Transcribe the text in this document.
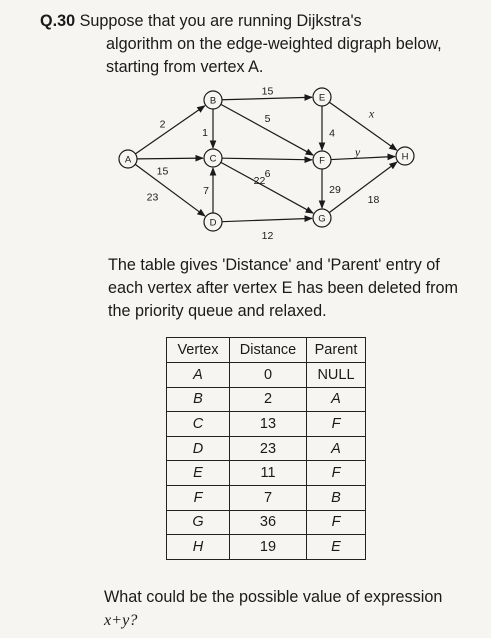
Q.30 Suppose that you are running Dijkstra's
algorithm on the edge-weighted digraph below,
starting from vertex A.
2
15
23
1
15
5
6
22
7
12
4
29
y
x
18
A
B
C
D
E
F
G
H
The table gives 'Distance' and 'Parent' entry of
each vertex after vertex E has been deleted from
the priority queue and relaxed.
Vertex	Distance	Parent
A	0	NULL
B	2	A
C	13	F
D	23	A
E	11	F
F	7	B
G	36	F
H	19	E
What could be the possible value of expression
x+y?
